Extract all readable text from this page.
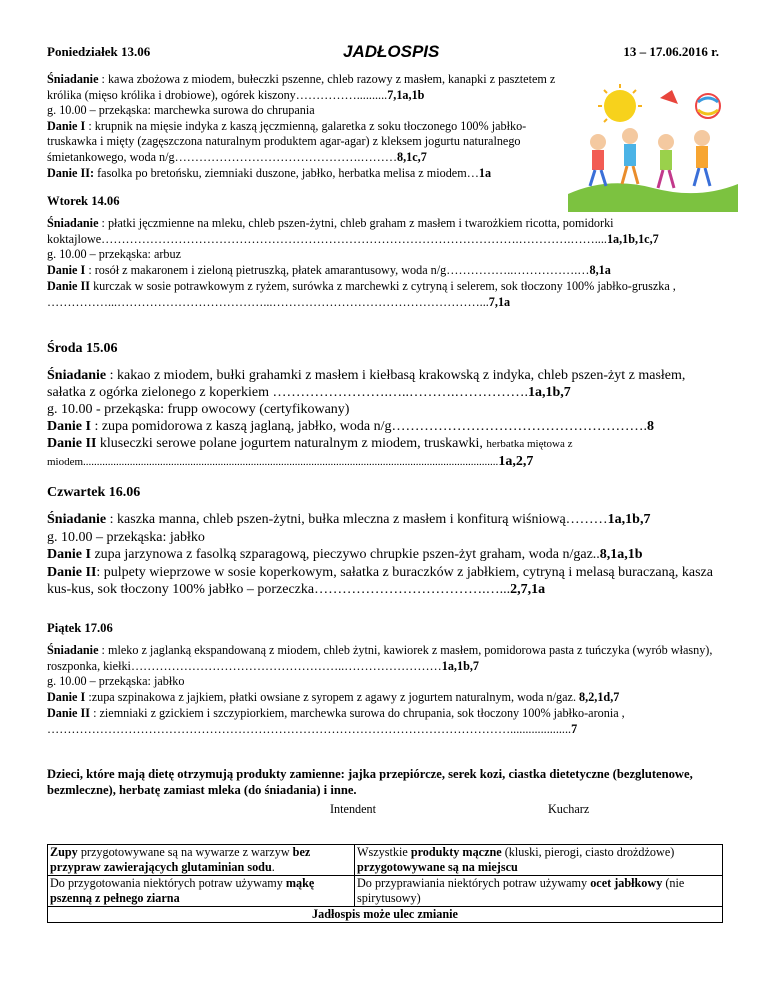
Poniedziałek 13.06	JADŁOSPIS	13 – 17.06.2016 r.

Śniadanie : kawa zbożowa z miodem, bułeczki pszenne, chleb razowy z masłem, kanapki z pasztetem z królika (mięso królika i drobiowe), ogórek kiszony……………..........7,1a,1b

g. 10.00 – przekąska: marchewka surowa do chrupania

Danie I : krupnik na mięsie indyka z kaszą jęczmienną, galaretka z soku tłoczonego 100% jabłko-truskawka i mięty (zagęszczona naturalnym produktem agar-agar) z kleksem jogurtu naturalnego śmietankowego, woda n/g……………………………………….………8,1c,7

Danie II: fasolka po bretońsku, ziemniaki duszone, jabłko, herbatka melisa z miodem…1a

Wtorek 14.06

Śniadanie : płatki jęczmienne na mleku, chleb pszen-żytni, chleb graham z masłem i twarożkiem ricotta, pomidorki koktajlowe………………………………………………………………………………………….………….……....1a,1b,1c,7

g. 10.00 – przekąska: arbuz

Danie I : rosół z makaronem i zieloną pietruszką, płatek amarantusowy, woda n/g……………..…………….…8,1a

Danie II kurczak w sosie potrawkowym z ryżem, surówka z marchewki z cytryną i selerem, sok tłoczony 100% jabłko-gruszka , ……………...………………………………...……………………………………………...7,1a

Środa 15.06

Śniadanie : kakao z miodem, bułki grahamki z masłem i kiełbasą krakowską z indyka, chleb pszen-żyt z masłem, sałatka z ogórka zielonego z koperkiem …………………….…..……….…………….1a,1b,7

g. 10.00 - przekąska: frupp owocowy (certyfikowany)

Danie I : zupa pomidorowa z kaszą jaglaną, jabłko, woda n/g……………………………………………….8

Danie II kluseczki serowe polane jogurtem naturalnym z miodem, truskawki, herbatka miętowa z miodem.......................................................................................................................................................1a,2,7

Czwartek 16.06

Śniadanie : kaszka manna, chleb pszen-żytni, bułka mleczna z masłem i konfiturą wiśniową………1a,1b,7

g. 10.00 – przekąska: jabłko

Danie I zupa jarzynowa z fasolką szparagową, pieczywo chrupkie pszen-żyt graham, woda n/gaz..8,1a,1b

Danie II: pulpety wieprzowe w sosie koperkowym, sałatka z buraczków z jabłkiem, cytryną i melasą buraczaną, kasza kus-kus, sok tłoczony 100% jabłko – porzeczka……………………………….…...2,7,1a

Piątek 17.06

Śniadanie : mleko z jaglanką ekspandowaną z miodem, chleb żytni, kawiorek z masłem, pomidorowa pasta z tuńczyka (wyrób własny), roszponka, kiełki……………………………………………..……………………1a,1b,7

g. 10.00 – przekąska: jabłko

Danie I :zupa szpinakowa z jajkiem, płatki owsiane z syropem z agawy z jogurtem naturalnym, woda n/gaz. 8,2,1d,7

Danie II : ziemniaki z gzickiem i szczypiorkiem, marchewka surowa do chrupania, sok tłoczony 100% jabłko-aronia , ……………………………………………………………………………………………………....................7

Dzieci, które mają dietę otrzymują produkty zamienne: jajka przepiórcze, serek kozi, ciastka dietetyczne (bezglutenowe, bezmleczne), herbatę zamiast mleka (do śniadania) i inne.
Intendent	Kucharz
Zupy przygotowywane są na wywarze z warzyw bez przypraw zawierających glutaminian sodu.	Wszystkie produkty mączne (kluski, pierogi, ciasto drożdżowe) przygotowywane są na miejscu
Do przygotowania niektórych potraw używamy mąkę pszenną z pełnego ziarna	Do przyprawiania niektórych potraw używamy ocet jabłkowy (nie spirytusowy)
Jadłospis może ulec zmianie	
